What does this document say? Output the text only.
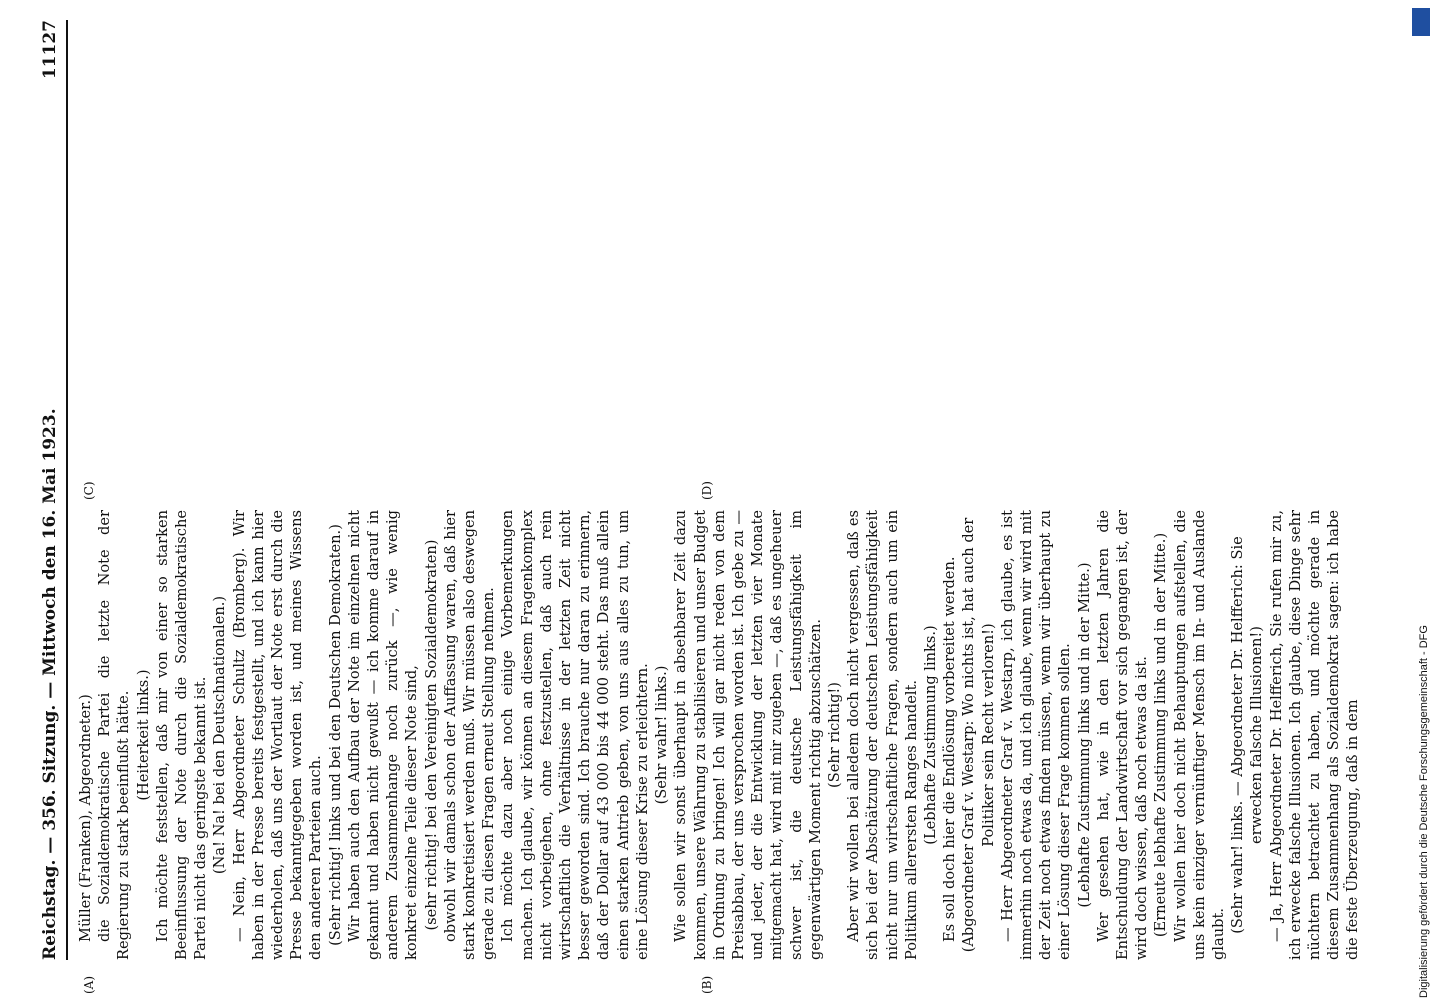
Reichstag. — 356. Sitzung. — Mittwoch den 16. Mai 1923.
11127
(A)	(B)
(C)	(D)

Müller (Franken), Abgeordneter.) die Sozialdemokratische Partei die letzte Note der Regierung zu stark beeinflußt hätte. (Heiterkeit links.) Ich möchte feststellen, daß mir von einer so starken Beeinflussung der Note durch die Sozialdemokratische Partei nicht das geringste bekannt ist. (Na! Na! bei den Deutschnationalen.) — Nein, Herr Abgeordneter Schultz (Bromberg). Wir haben in der Presse bereits festgestellt, und ich kann hier wiederholen, daß uns der Wortlaut der Note erst durch die Presse bekanntgegeben worden ist, und meines Wissens den anderen Parteien auch. (Sehr richtig! links und bei den Deutschen Demokraten.) Wir haben auch den Aufbau der Note im einzelnen nicht gekannt und haben nicht gewußt — ich komme darauf in anderem Zusammenhange noch zurück —, wie wenig konkret einzelne Teile dieser Note sind, (sehr richtig! bei den Vereinigten Sozialdemokraten) obwohl wir damals schon der Auffassung waren, daß hier stark konkretisiert werden muß. Wir müssen also deswegen gerade zu diesen Fragen erneut Stellung nehmen. Ich möchte dazu aber noch einige Vorbemerkungen machen. Ich glaube, wir können an diesem Fragenkomplex nicht vorbeigehen, ohne festzustellen, daß auch rein wirtschaftlich die Verhältnisse in der letzten Zeit nicht besser geworden sind. Ich brauche nur daran zu erinnern, daß der Dollar auf 43 000 bis 44 000 steht. Das muß allein einen starken Antrieb geben, von uns aus alles zu tun, um eine Lösung dieser Krise zu erleichtern. (Sehr wahr! links.) Wie sollen wir sonst überhaupt in absehbarer Zeit dazu kommen, unsere Währung zu stabilisieren und unser Budget in Ordnung zu bringen! Ich will gar nicht reden von dem Preisabbau, der uns versprochen worden ist. Ich gebe zu — und jeder, der die Entwicklung der letzten vier Monate mitgemacht hat, wird mit mir zugeben —, daß es ungeheuer schwer ist, die deutsche Leistungsfähigkeit im gegenwärtigen Moment richtig abzuschätzen. (Sehr richtig!) Aber wir wollen bei alledem doch nicht vergessen, daß es sich bei der Abschätzung der deutschen Leistungsfähigkeit nicht nur um wirtschaftliche Fragen, sondern auch um ein Politikum allerersten Ranges handelt. (Lebhafte Zustimmung links.) Es soll doch hier die Endlösung vorbereitet werden. (Abgeordneter Graf v. Westarp: Wo nichts ist, hat auch der Politiker sein Recht verloren!) — Herr Abgeordneter Graf v. Westarp, ich glaube, es ist immerhin noch etwas da, und ich glaube, wenn wir wird mit der Zeit noch etwas finden müssen, wenn wir überhaupt zu einer Lösung dieser Frage kommen sollen. (Lebhafte Zustimmung links und in der Mitte.) Wer gesehen hat, wie in den letzten Jahren die Entschuldung der Landwirtschaft vor sich gegangen ist, der wird doch wissen, daß noch etwas da ist. (Erneute lebhafte Zustimmung links und in der Mitte.) Wir wollen hier doch nicht Behauptungen aufstellen, die uns kein einziger vernünftiger Mensch im In- und Auslande glaubt.

(Sehr wahr! links. — Abgeordneter Dr. Helfferich: Sie erwecken falsche Illusionen!) — Ja, Herr Abgeordneter Dr. Helfferich, Sie rufen mir zu, ich erwecke falsche Illusionen. Ich glaube, diese Dinge sehr nüchtern betrachtet zu haben, und möchte gerade in diesem Zusammenhang als Sozialdemokrat sagen: ich habe die feste Überzeugung, daß in dem	Digitalisierung gefördert durch die Deutsche Forschungsgemeinschaft - DFG
